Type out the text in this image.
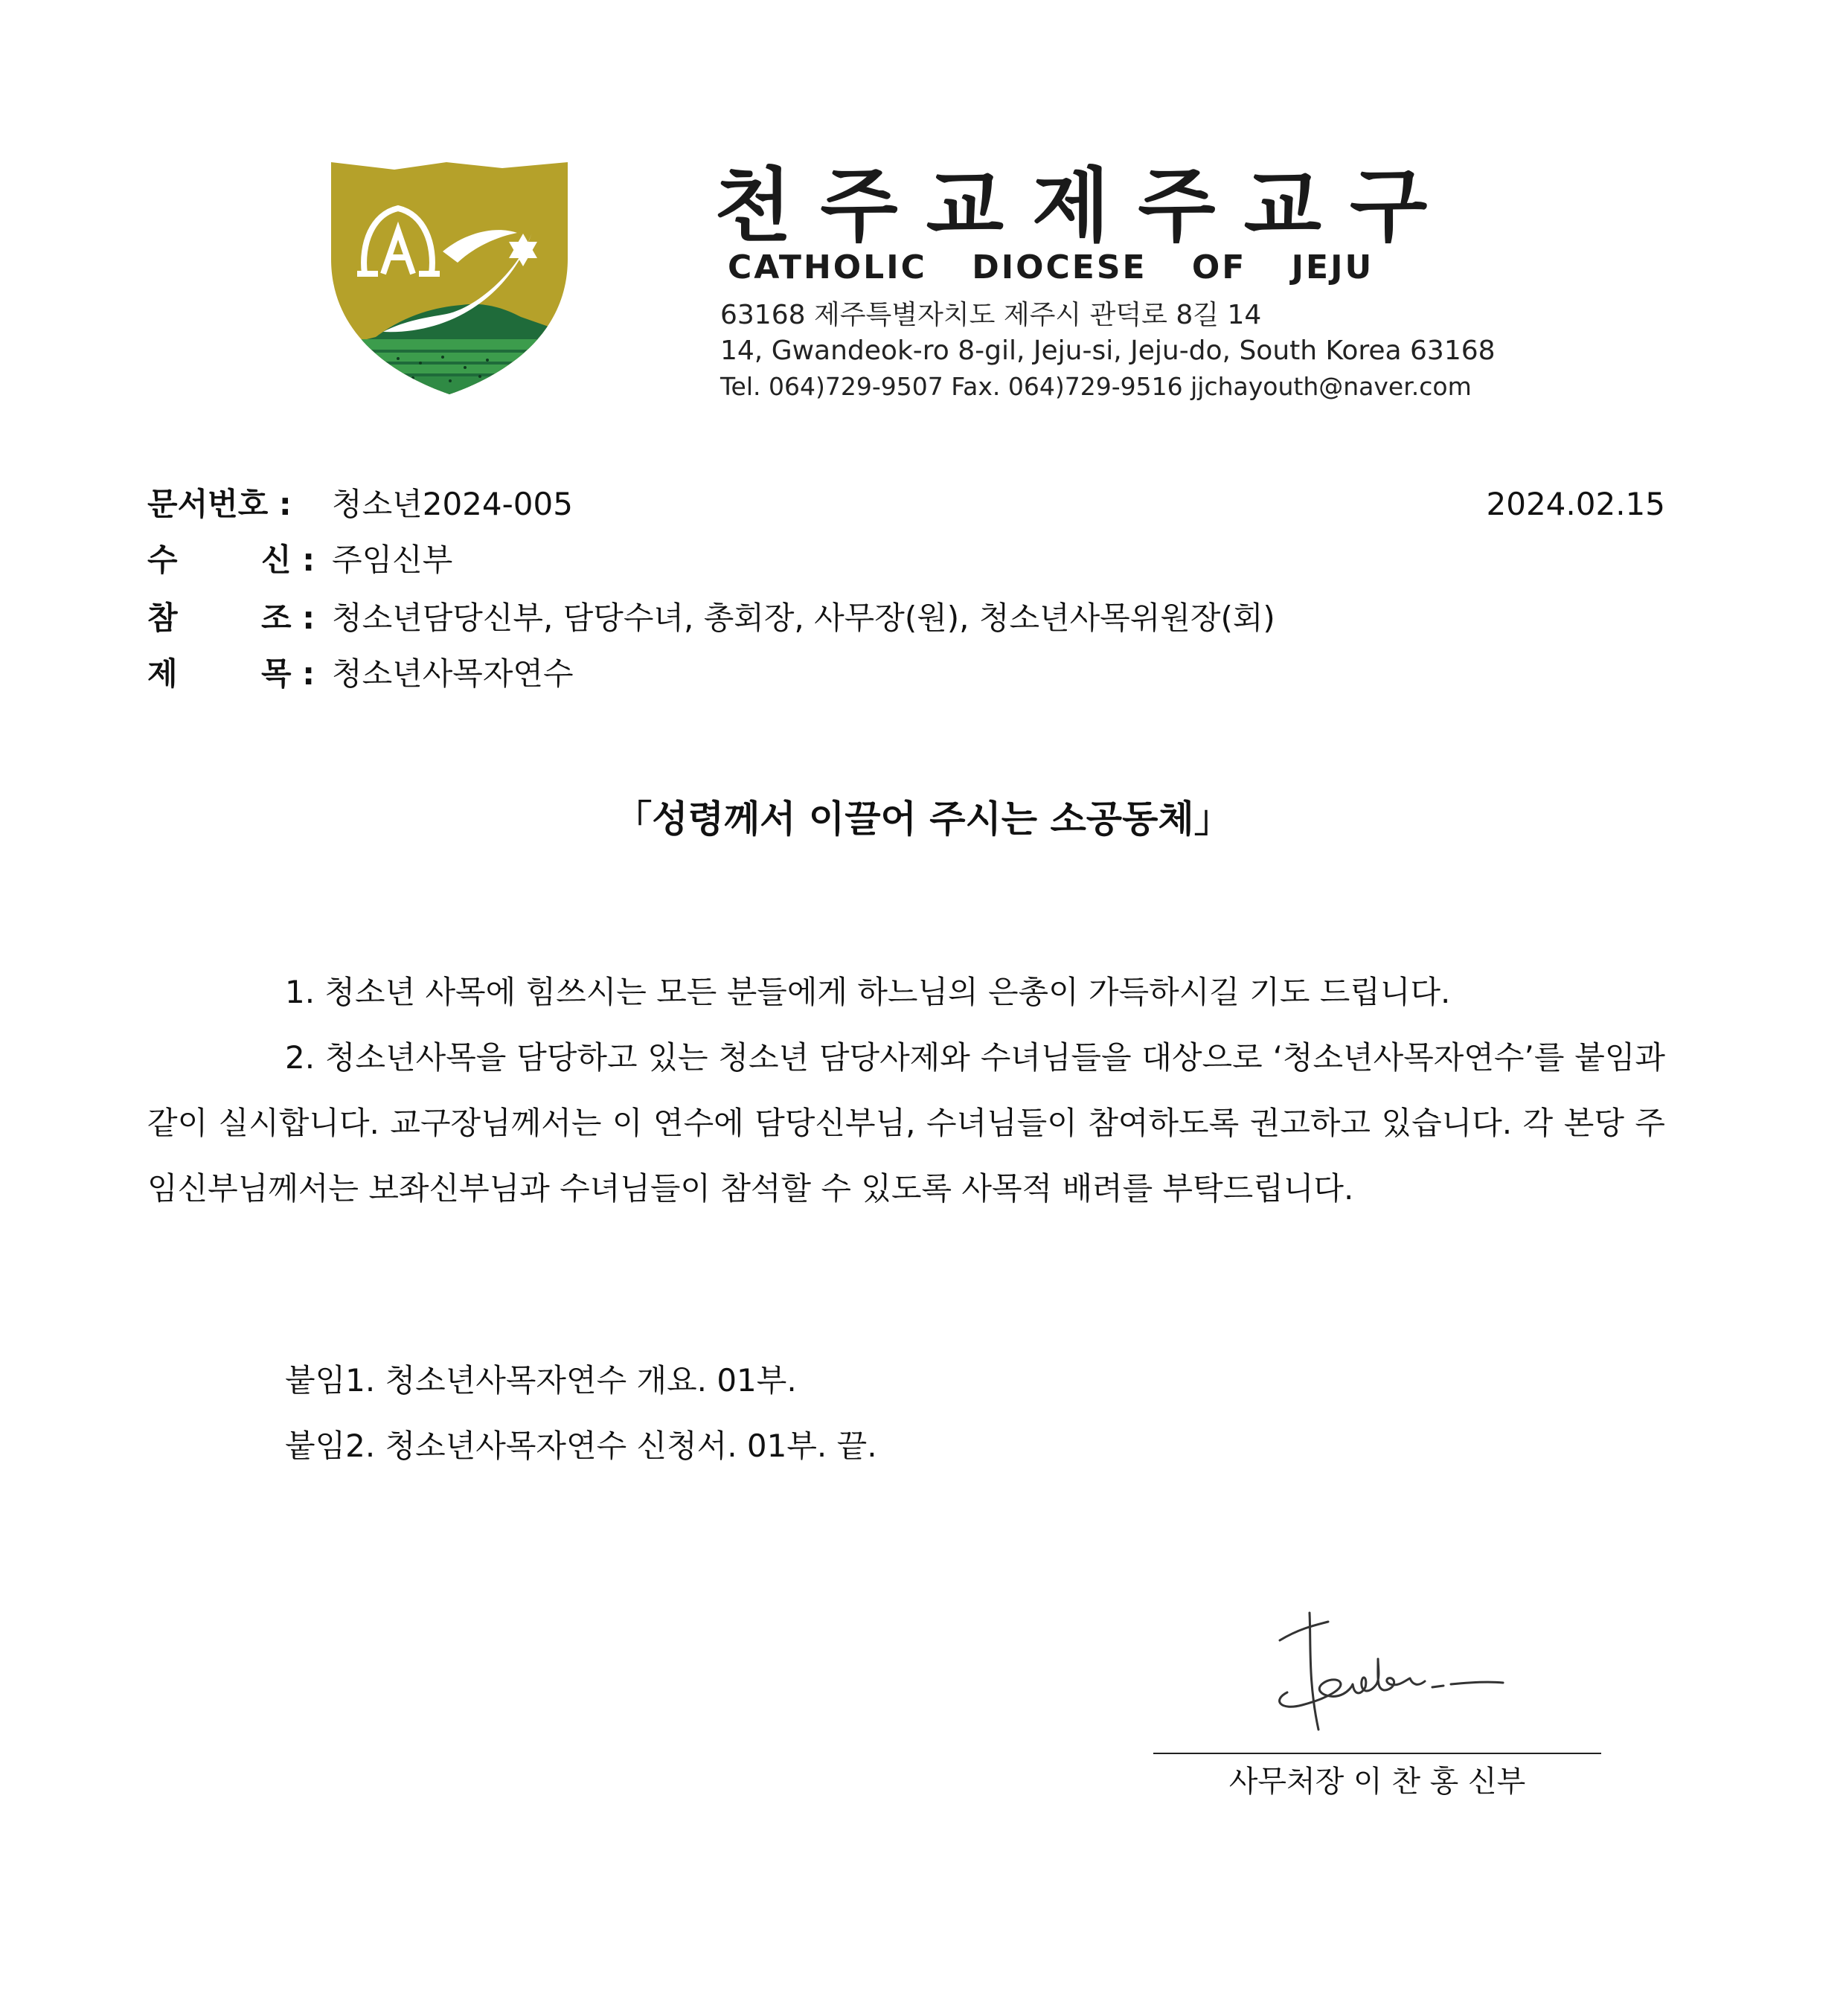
천주교제주교구
CATHOLIC DIOCESE OF JEJU
63168 제주특별자치도 제주시 관덕로 8길 14
14, Gwandeok-ro 8-gil, Jeju-si, Jeju-do, South Korea 63168
Tel. 064)729-9507 Fax. 064)729-9516 jjchayouth@naver.com
문서번호 : 청소년2024-005	2024.02.15
수	신 : 주임신부
참	조 : 청소년담당신부, 담당수녀, 총회장, 사무장(원), 청소년사목위원장(회)
제	목 : 청소년사목자연수
「성령께서 이끌어 주시는 소공동체」
1. 청소년 사목에 힘쓰시는 모든 분들에게 하느님의 은총이 가득하시길 기도 드립니다.
2. 청소년사목을 담당하고 있는 청소년 담당사제와 수녀님들을 대상으로 ‘청소년사목자연수’를 붙임과 같이 실시합니다. 교구장님께서는 이 연수에 담당신부님, 수녀님들이 참여하도록 권고하고 있습니다. 각 본당 주임신부님께서는 보좌신부님과 수녀님들이 참석할 수 있도록 사목적 배려를 부탁드립니다.
붙임1. 청소년사목자연수 개요. 01부.
붙임2. 청소년사목자연수 신청서. 01부. 끝.
사무처장 이 찬 홍 신부
